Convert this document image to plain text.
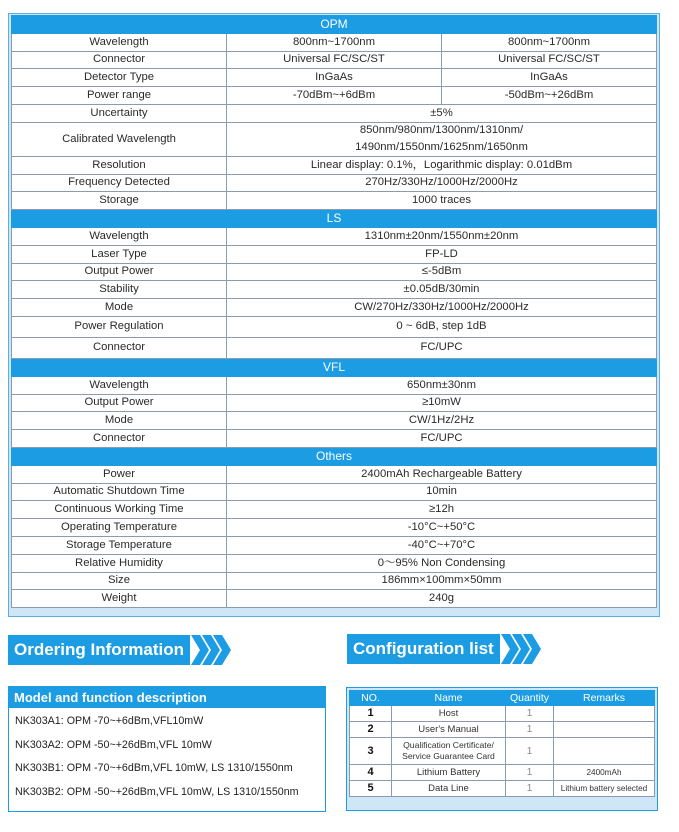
OPM		
Wavelength	800nm~1700nm	800nm~1700nm
Connector	Universal FC/SC/ST	Universal FC/SC/ST
Detector Type	InGaAs	InGaAs
Power range	-70dBm~+6dBm	-50dBm~+26dBm
Uncertainty	±5%	
Calibrated Wavelength	850nm/980nm/1300nm/1310nm/
1490nm/1550nm/1625nm/1650nm	

Resolution	Linear display: 0.1%，Logarithmic display: 0.01dBm	
Frequency Detected	270Hz/330Hz/1000Hz/2000Hz	
Storage	1000 traces	
LS		
Wavelength	1310nm±20nm/1550nm±20nm	
Laser Type	FP-LD	
Output Power	≤-5dBm	
Stability	±0.05dB/30min	
Mode	CW/270Hz/330Hz/1000Hz/2000Hz	
Power Regulation	0 ~ 6dB, step 1dB	
Connector	FC/UPC	
VFL		
Wavelength	650nm±30nm	
Output Power	≥10mW	
Mode	CW/1Hz/2Hz	
Connector	FC/UPC	
Others		
Power	2400mAh Rechargeable Battery	
Automatic Shutdown Time	10min	
Continuous Working Time	≥12h	
Operating Temperature	-10°C~+50°C	
Storage Temperature	-40°C~+70°C	
Relative Humidity	0～95% Non Condensing	
Size	186mm×100mm×50mm	
Weight	240g	
Ordering Information	Configuration list
Model and function description
NK303A1: OPM -70~+6dBm,VFL10mW
NK303A2: OPM -50~+26dBm,VFL 10mW
NK303B1: OPM -70~+6dBm,VFL 10mW, LS 1310/1550nm
NK303B2: OPM -50~+26dBm,VFL 10mW, LS 1310/1550nm
NO.	Name	Quantity	Remarks
1	Host	1	
2	User's Manual	1	
3	Qualification Certificate/
Service Guarantee Card	1	
4	Lithium Battery	1	2400mAh
5	Data Line	1	Lithium battery selected
